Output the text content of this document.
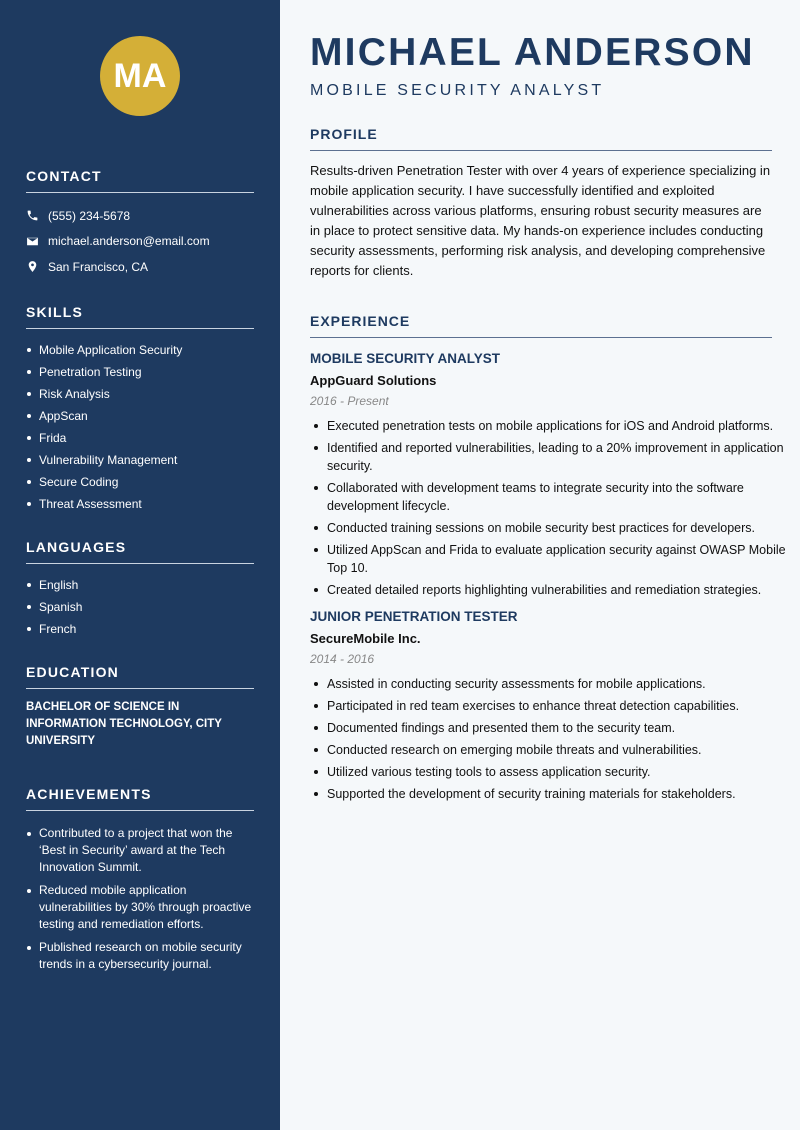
MA
CONTACT
(555) 234-5678
michael.anderson@email.com
San Francisco, CA
SKILLS
Mobile Application Security
Penetration Testing
Risk Analysis
AppScan
Frida
Vulnerability Management
Secure Coding
Threat Assessment
LANGUAGES
English
Spanish
French
EDUCATION
BACHELOR OF SCIENCE IN INFORMATION TECHNOLOGY, CITY UNIVERSITY
ACHIEVEMENTS
Contributed to a project that won the ‘Best in Security’ award at the Tech Innovation Summit.
Reduced mobile application vulnerabilities by 30% through proactive testing and remediation efforts.
Published research on mobile security trends in a cybersecurity journal.
MICHAEL ANDERSON
MOBILE SECURITY ANALYST
PROFILE
Results-driven Penetration Tester with over 4 years of experience specializing in mobile application security. I have successfully identified and exploited vulnerabilities across various platforms, ensuring robust security measures are in place to protect sensitive data. My hands-on experience includes conducting security assessments, performing risk analysis, and developing comprehensive reports for clients.
EXPERIENCE
MOBILE SECURITY ANALYST
AppGuard Solutions
2016 - Present
Executed penetration tests on mobile applications for iOS and Android platforms.
Identified and reported vulnerabilities, leading to a 20% improvement in application security.
Collaborated with development teams to integrate security into the software development lifecycle.
Conducted training sessions on mobile security best practices for developers.
Utilized AppScan and Frida to evaluate application security against OWASP Mobile Top 10.
Created detailed reports highlighting vulnerabilities and remediation strategies.
JUNIOR PENETRATION TESTER
SecureMobile Inc.
2014 - 2016
Assisted in conducting security assessments for mobile applications.
Participated in red team exercises to enhance threat detection capabilities.
Documented findings and presented them to the security team.
Conducted research on emerging mobile threats and vulnerabilities.
Utilized various testing tools to assess application security.
Supported the development of security training materials for stakeholders.
